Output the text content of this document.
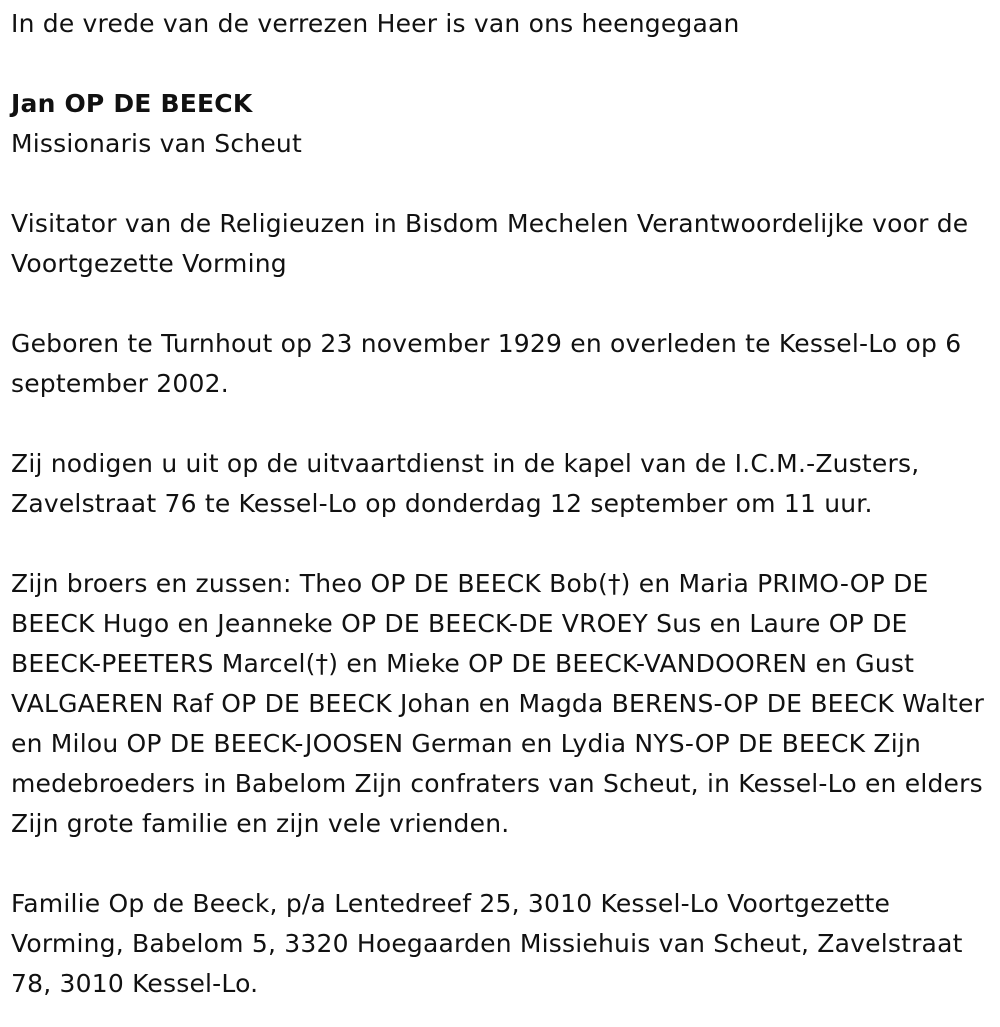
In de vrede van de verrezen Heer is van ons heengegaan

Jan OP DE BEECK
Missionaris van Scheut

Visitator van de Religieuzen in Bisdom Mechelen Verantwoordelijke voor de Voortgezette Vorming

Geboren te Turnhout op 23 november 1929 en overleden te Kessel-Lo op 6 september 2002.

Zij nodigen u uit op de uitvaartdienst in de kapel van de I.C.M.-Zusters, Zavelstraat 76 te Kessel-Lo op donderdag 12 september om 11 uur.

Zijn broers en zussen: Theo OP DE BEECK Bob(†) en Maria PRIMO-OP DE BEECK Hugo en Jeanneke OP DE BEECK-DE VROEY Sus en Laure OP DE BEECK-PEETERS Marcel(†) en Mieke OP DE BEECK-VANDOOREN en Gust VALGAEREN Raf OP DE BEECK Johan en Magda BERENS-OP DE BEECK Walter en Milou OP DE BEECK-JOOSEN German en Lydia NYS-OP DE BEECK Zijn medebroeders in Babelom Zijn confraters van Scheut, in Kessel-Lo en elders Zijn grote familie en zijn vele vrienden.

Familie Op de Beeck, p/a Lentedreef 25, 3010 Kessel-Lo Voortgezette Vorming, Babelom 5, 3320 Hoegaarden Missiehuis van Scheut, Zavelstraat 78, 3010 Kessel-Lo.
